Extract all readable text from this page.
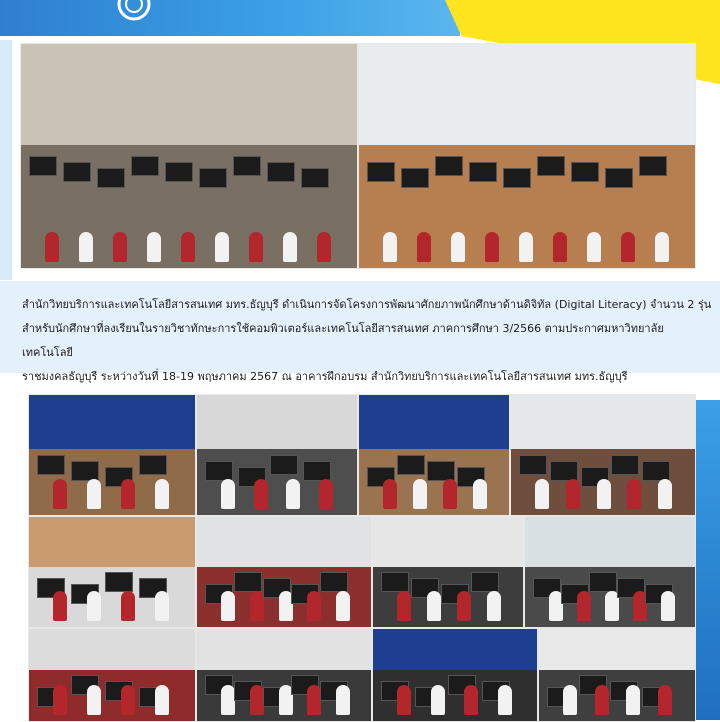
สำนักวิทยบริการและเทคโนโลยีสารสนเทศ มทร.ธัญบุรี ดำเนินการจัดโครงการพัฒนาศักยภาพนักศึกษาด้านดิจิทัล (Digital Literacy) จำนวน 2 รุ่น
สำหรับนักศึกษาที่ลงเรียนในรายวิชาทักษะการใช้คอมพิวเตอร์และเทคโนโลยีสารสนเทศ ภาคการศึกษา 3/2566 ตามประกาศมหาวิทยาลัยเทคโนโลยี
ราชมงคลธัญบุรี ระหว่างวันที่ 18-19 พฤษภาคม 2567 ณ อาคารฝึกอบรม สำนักวิทยบริการและเทคโนโลยีสารสนเทศ มทร.ธัญบุรี
